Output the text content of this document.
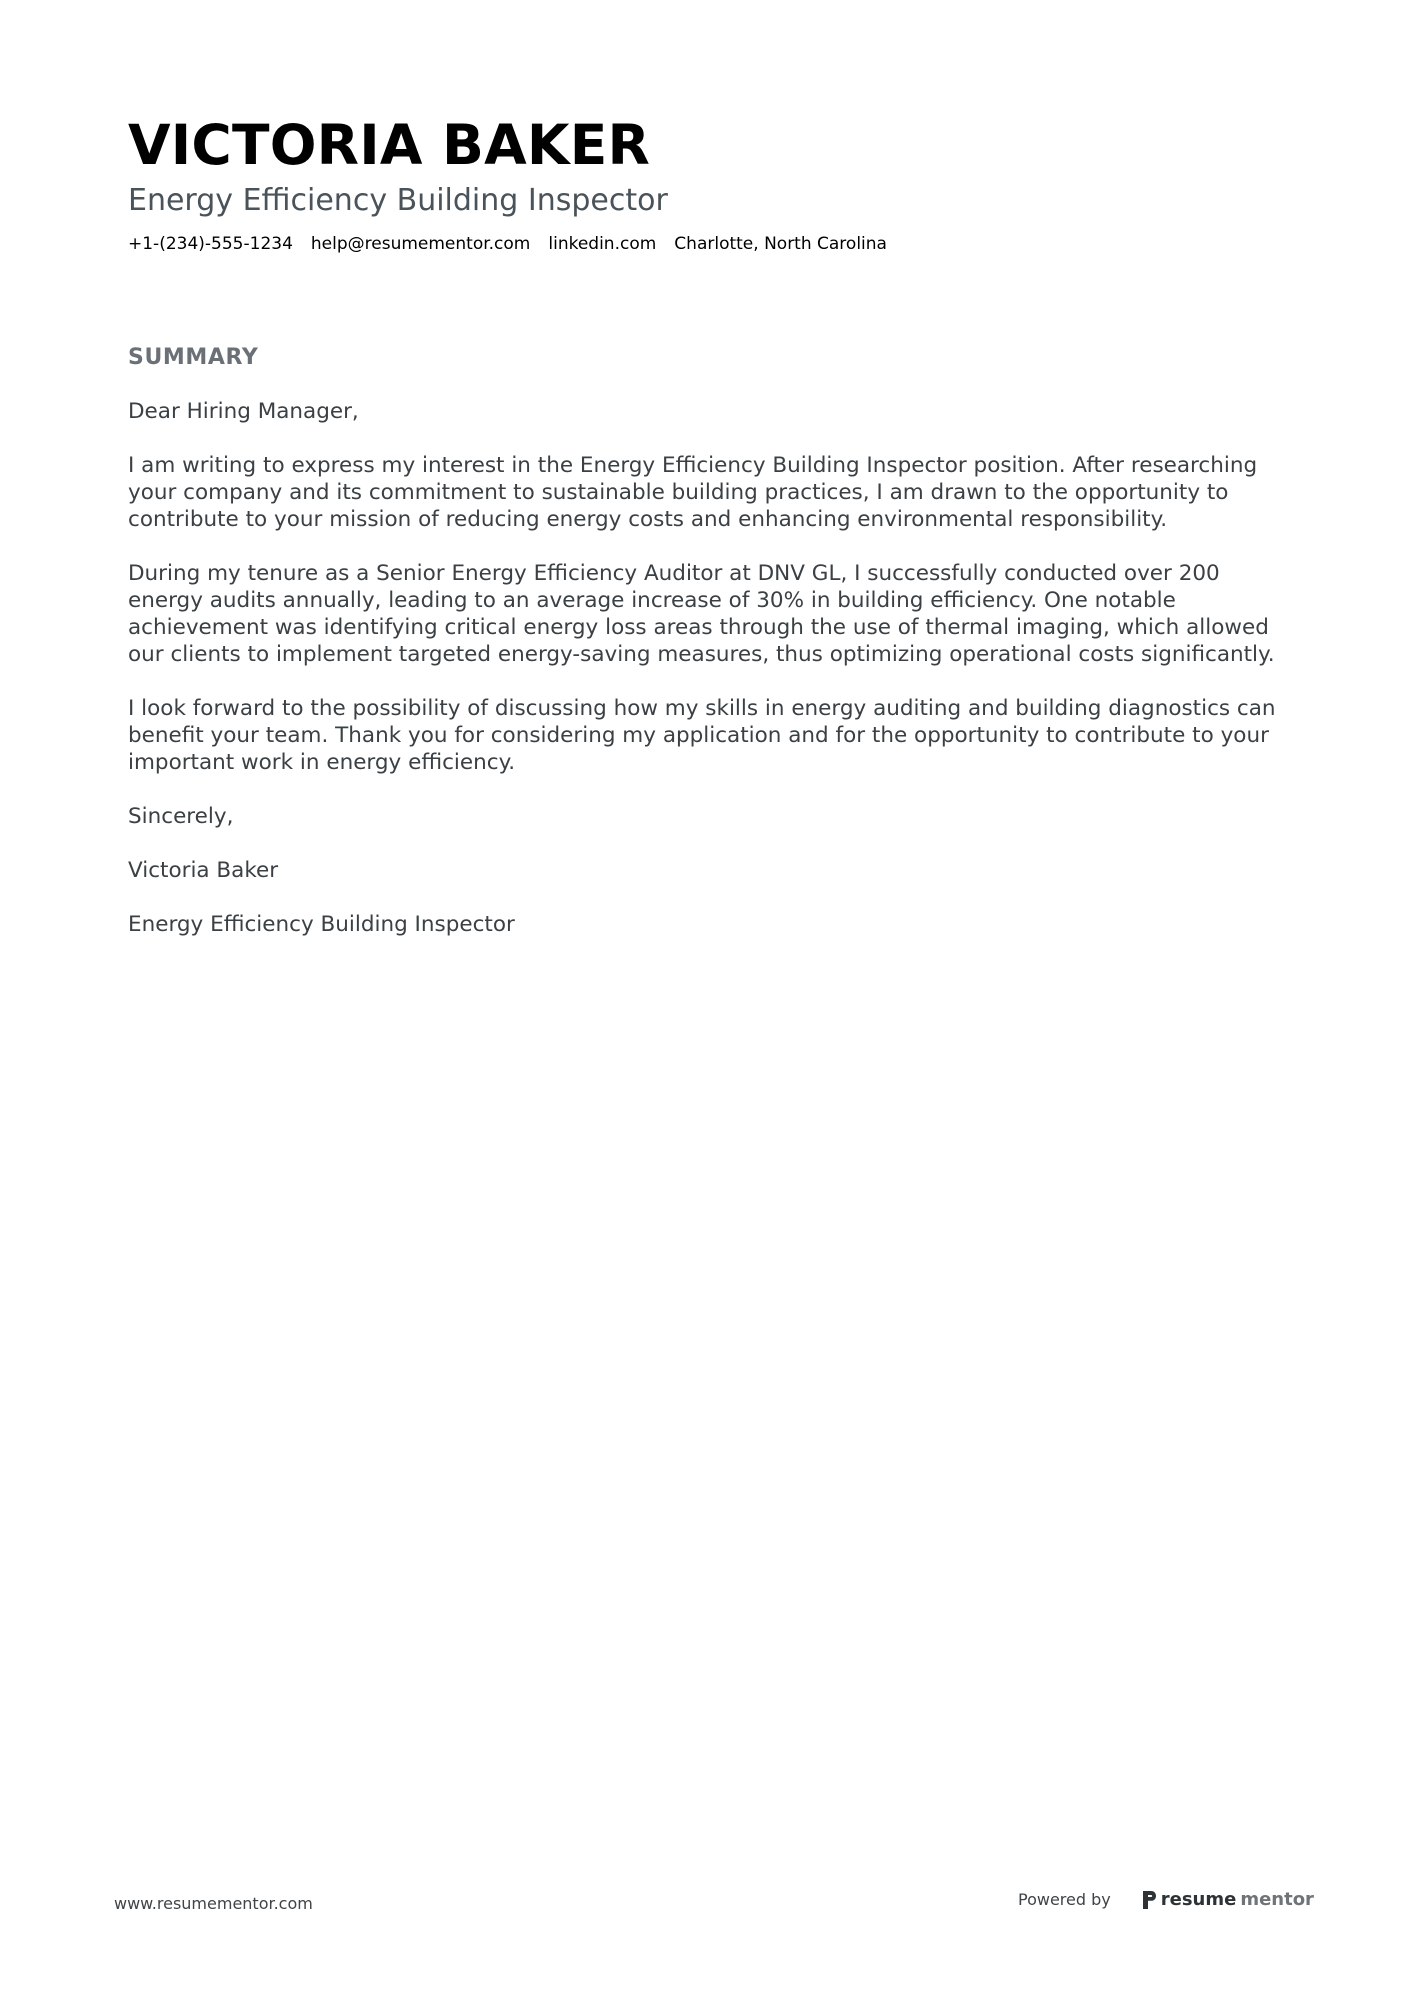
VICTORIA BAKER
Energy Efficiency Building Inspector
+1-(234)-555-1234 help@resumementor.com linkedin.com Charlotte, North Carolina
SUMMARY

Dear Hiring Manager,

I am writing to express my interest in the Energy Efficiency Building Inspector position. After researching your company and its commitment to sustainable building practices, I am drawn to the opportunity to contribute to your mission of reducing energy costs and enhancing environmental responsibility.

During my tenure as a Senior Energy Efficiency Auditor at DNV GL, I successfully conducted over 200 energy audits annually, leading to an average increase of 30% in building efficiency. One notable achievement was identifying critical energy loss areas through the use of thermal imaging, which allowed our clients to implement targeted energy-saving measures, thus optimizing operational costs significantly.

I look forward to the possibility of discussing how my skills in energy auditing and building diagnostics can benefit your team. Thank you for considering my application and for the opportunity to contribute to your important work in energy efficiency.

Sincerely,

Victoria Baker

Energy Efficiency Building Inspector

www.resumementor.com	Powered by	resume mentor
